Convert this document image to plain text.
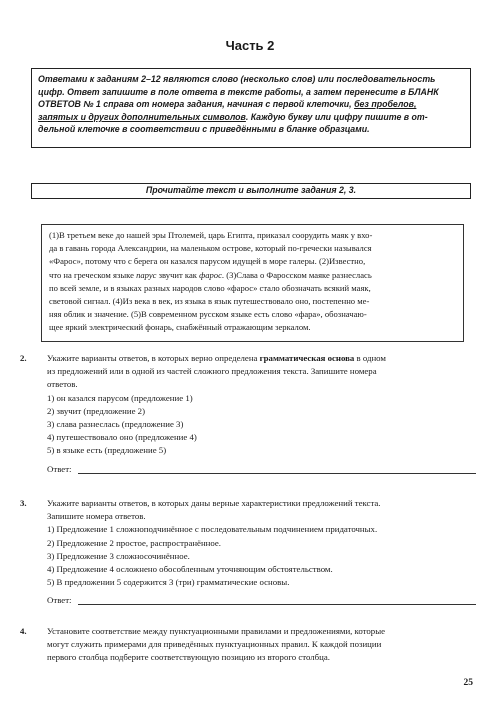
Часть 2
Ответами к заданиям 2–12 являются слово (несколько слов) или последовательность
цифр. Ответ запишите в поле ответа в тексте работы, а затем перенесите в БЛАНК
ОТВЕТОВ № 1 справа от номера задания, начиная с первой клеточки, без пробелов,
запятых и других дополнительных символов. Каждую букву или цифру пишите в от-
дельной клеточке в соответствии с приведёнными в бланке образцами.
Прочитайте текст и выполните задания 2, 3.
(1)В третьем веке до нашей эры Птолемей, царь Египта, приказал соорудить маяк у вхо-
да в гавань города Александрии, на маленьком острове, который по-гречески назывался
«Фарос», потому что с берега он казался парусом идущей в море галеры. (2)Известно,
что на греческом языке парус звучит как фарос. (3)Слава о Фаросском маяке разнеслась
по всей земле, и в языках разных народов слово «фарос» стало обозначать всякий маяк,
световой сигнал. (4)Из века в век, из языка в язык путешествовало оно, постепенно ме-
няя облик и значение. (5)В современном русском языке есть слово «фара», обозначаю-
щее яркий электрический фонарь, снабжённый отражающим зеркалом.
2. Укажите варианты ответов, в которых верно определена грамматическая основа в одном
из предложений или в одной из частей сложного предложения текста. Запишите номера
ответов.
1) он казался парусом (предложение 1)
2) звучит (предложение 2)
3) слава разнеслась (предложение 3)
4) путешествовало оно (предложение 4)
5) в языке есть (предложение 5)
Ответ:
3. Укажите варианты ответов, в которых даны верные характеристики предложений текста.
Запишите номера ответов.
1) Предложение 1 сложноподчинённое с последовательным подчинением придаточных.
2) Предложение 2 простое, распространённое.
3) Предложение 3 сложносочинённое.
4) Предложение 4 осложнено обособленным уточняющим обстоятельством.
5) В предложении 5 содержится 3 (три) грамматические основы.
Ответ:
4. Установите соответствие между пунктуационными правилами и предложениями, которые
могут служить примерами для приведённых пунктуационных правил. К каждой позиции
первого столбца подберите соответствующую позицию из второго столбца.
25
